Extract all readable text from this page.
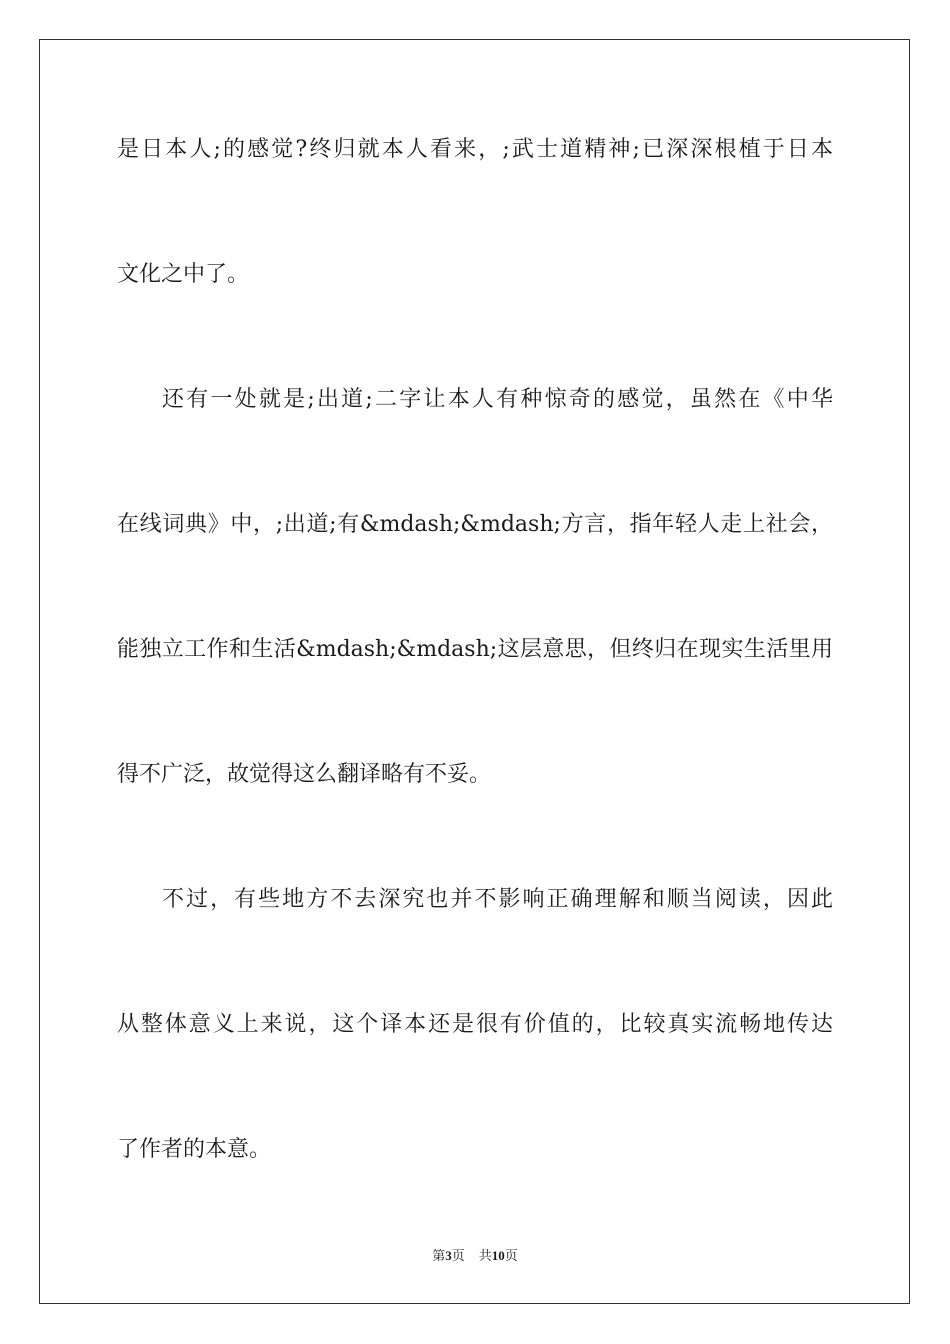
是日本人;的感觉?终归就本人看来，;武士道精神;已深深根植于日本
文化之中了。
还有一处就是;出道;二字让本人有种惊奇的感觉，虽然在《中华
在线词典》中，;出道;有&mdash;&mdash;方言，指年轻人走上社会，
能独立工作和生活&mdash;&mdash;这层意思，但终归在现实生活里用
得不广泛，故觉得这么翻译略有不妥。
不过，有些地方不去深究也并不影响正确理解和顺当阅读，因此
从整体意义上来说，这个译本还是很有价值的，比较真实流畅地传达
了作者的本意。
第3页 共10页
